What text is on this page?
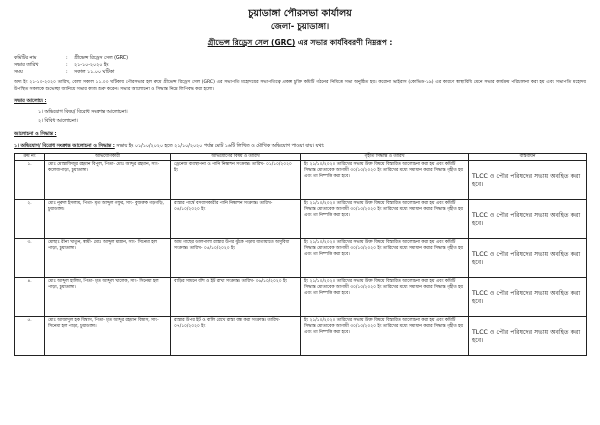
চুয়াডাঙ্গা পৌরসভা কার্যালয়
জেলা- চুয়াডাঙ্গা।
গ্রীভেন্স রিড্রেস সেল (GRC) এর সভার কার্যবিবরণী নিম্নরূপ :
কমিটির নাম	:	গ্রীভেন্স রিড্রেস সেল (GRC)
সভার তারিখ	:	২১-১০-২০২০ ইং
সময়	:	সকাল ১১.০০ ঘটিকা
অদ্য ইং ২১-১০-২০২০ তারিখ, বেলা সকাল ১১.০০ ঘটিকায় পৌরসভার হল রুমে গ্রীভেন্স রিড্রেস সেল (GRC) এর সভাপতি মহোদয়ের সভাপতিত্বে প্রকল্প চুক্তি কমিটি গঠনের নিমিত্তে সভা অনুষ্ঠিত হয়। করোনা ভাইরাস (কোভিড-১৯) এর কারণে স্বাস্থ্যবিধি মেনে সভার কার্যক্রম পরিচালনা করা হয় এবং সভাপতি মহোদয় উপস্থিত সকলকে শুভেচ্ছা জানিয়ে সভার কাজ শুরু করেন। সভার আলোচনা ও সিদ্ধান্ত নিম্নে লিপিবদ্ধ করা হলো।
সভার আলোচ্য :
১। অভিযোগ বিষয়/ বিরোধ সংক্রান্ত আলোচনা।
২। বিবিধ আলোচনা।
আলোচনা ও সিদ্ধান্ত :
১। অভিযোগ/ বিরোধ সংক্রান্ত আলোচনা ও সিদ্ধান্ত : সভায় ইং ০১/১০/২০২০ হতে ২১/১০/২০২০ পর্যন্ত মোট ১৬টি লিখিত ও মৌখিক অভিযোগ পাওয়া যায়। যথা:
ক্রম নং	অভিযোগকারী	অভিযোগের বিষয় ও তারিখ	গৃহীত সিদ্ধান্ত ও তারিখ	বাস্তবায়ন
১.	মোঃ মোস্তাফিজুর রহমান বিপুল, পিতা- মোঃ আব্দুর রহমান, সাং- কলেজপাড়া, চুয়াডাঙ্গা।	ড্রেনেজ ব্যবস্থাপনা ও পানি নিষ্কাশন সংক্রান্ত। তারিখ- ০১/১০/২০২০ ইং	ইং ২১/১০/২০২০ তারিখের সভায় উক্ত বিষয়ে বিস্তারিত আলোচনা করা হয় এবং কমিটি সিদ্ধান্ত মোতাবেক আগামী ৩০/১০/২০২০ ইং তারিখের মধ্যে সমাধান করার সিদ্ধান্ত গৃহীত হয় এবং তা নিষ্পত্তি করা হবে।	TLCC ও পৌর পরিষদের সভায় অবহিত করা হবে।
২.	মোঃ নূরুল ইসলাম, পিতা- মৃত আব্দুল গফুর, সাং- বুজরুক গড়গড়ি, চুয়াডাঙ্গা।	রাস্তার পার্শ্বে বসবাসকারীর পানি নিষ্কাশন সংক্রান্ত। তারিখ- ০৪/১০/২০২০ ইং	ইং ২১/১০/২০২০ তারিখের সভায় উক্ত বিষয়ে বিস্তারিত আলোচনা করা হয় এবং কমিটি সিদ্ধান্ত মোতাবেক আগামী ৩০/১০/২০২০ ইং তারিখের মধ্যে সমাধান করার সিদ্ধান্ত গৃহীত হয় এবং তা নিষ্পত্তি করা হবে।	TLCC ও পৌর পরিষদের সভায় অবহিত করা হবে।
৩.	মোছাঃ রীনা খাতুন, স্বামী- মোঃ আব্দুল মান্নান, সাং- সিনেমা হল পাড়া, চুয়াডাঙ্গা।	আম গাছের ডালপালা রাস্তার উপর ঝুঁকে পড়ায় যাতায়াতে অসুবিধা সংক্রান্ত। তারিখ- ০৫/১০/২০২০ ইং	ইং ২১/১০/২০২০ তারিখের সভায় উক্ত বিষয়ে বিস্তারিত আলোচনা করা হয় এবং কমিটি সিদ্ধান্ত মোতাবেক আগামী ৩০/১০/২০২০ ইং তারিখের মধ্যে সমাধান করার সিদ্ধান্ত গৃহীত হয় এবং তা নিষ্পত্তি করা হবে।	TLCC ও পৌর পরিষদের সভায় অবহিত করা হবে।
৪.	মোঃ আব্দুল হালিম, পিতা- মৃত আব্দুল খালেক, সাং- সিনেমা হল পাড়া, চুয়াডাঙ্গা।	বাড়ির সামনে বাঁশ ও ইট রাখা সংক্রান্ত। তারিখ- ০৬/১০/২০২০ ইং	ইং ২১/১০/২০২০ তারিখের সভায় উক্ত বিষয়ে বিস্তারিত আলোচনা করা হয় এবং কমিটি সিদ্ধান্ত মোতাবেক আগামী ৩০/১০/২০২০ ইং তারিখের মধ্যে সমাধান করার সিদ্ধান্ত গৃহীত হয় এবং তা নিষ্পত্তি করা হবে।	TLCC ও পৌর পরিষদের সভায় অবহিত করা হবে।
৫.	মোঃ আজাদুল হক বিশ্বাস, পিতা- মৃত আব্দুর রহমান বিশ্বাস, সাং- সিনেমা হল পাড়া, চুয়াডাঙ্গা।	রাস্তার উপর ইট ও বালি রেখে রাস্তা বন্ধ করা সংক্রান্ত। তারিখ- ০৭/১০/২০২০ ইং	ইং ২১/১০/২০২০ তারিখের সভায় উক্ত বিষয়ে বিস্তারিত আলোচনা করা হয় এবং কমিটি সিদ্ধান্ত মোতাবেক আগামী ৩০/১০/২০২০ ইং তারিখের মধ্যে সমাধান করার সিদ্ধান্ত গৃহীত হয় এবং তা নিষ্পত্তি করা হবে।	TLCC ও পৌর পরিষদের সভায় অবহিত করা হবে।
